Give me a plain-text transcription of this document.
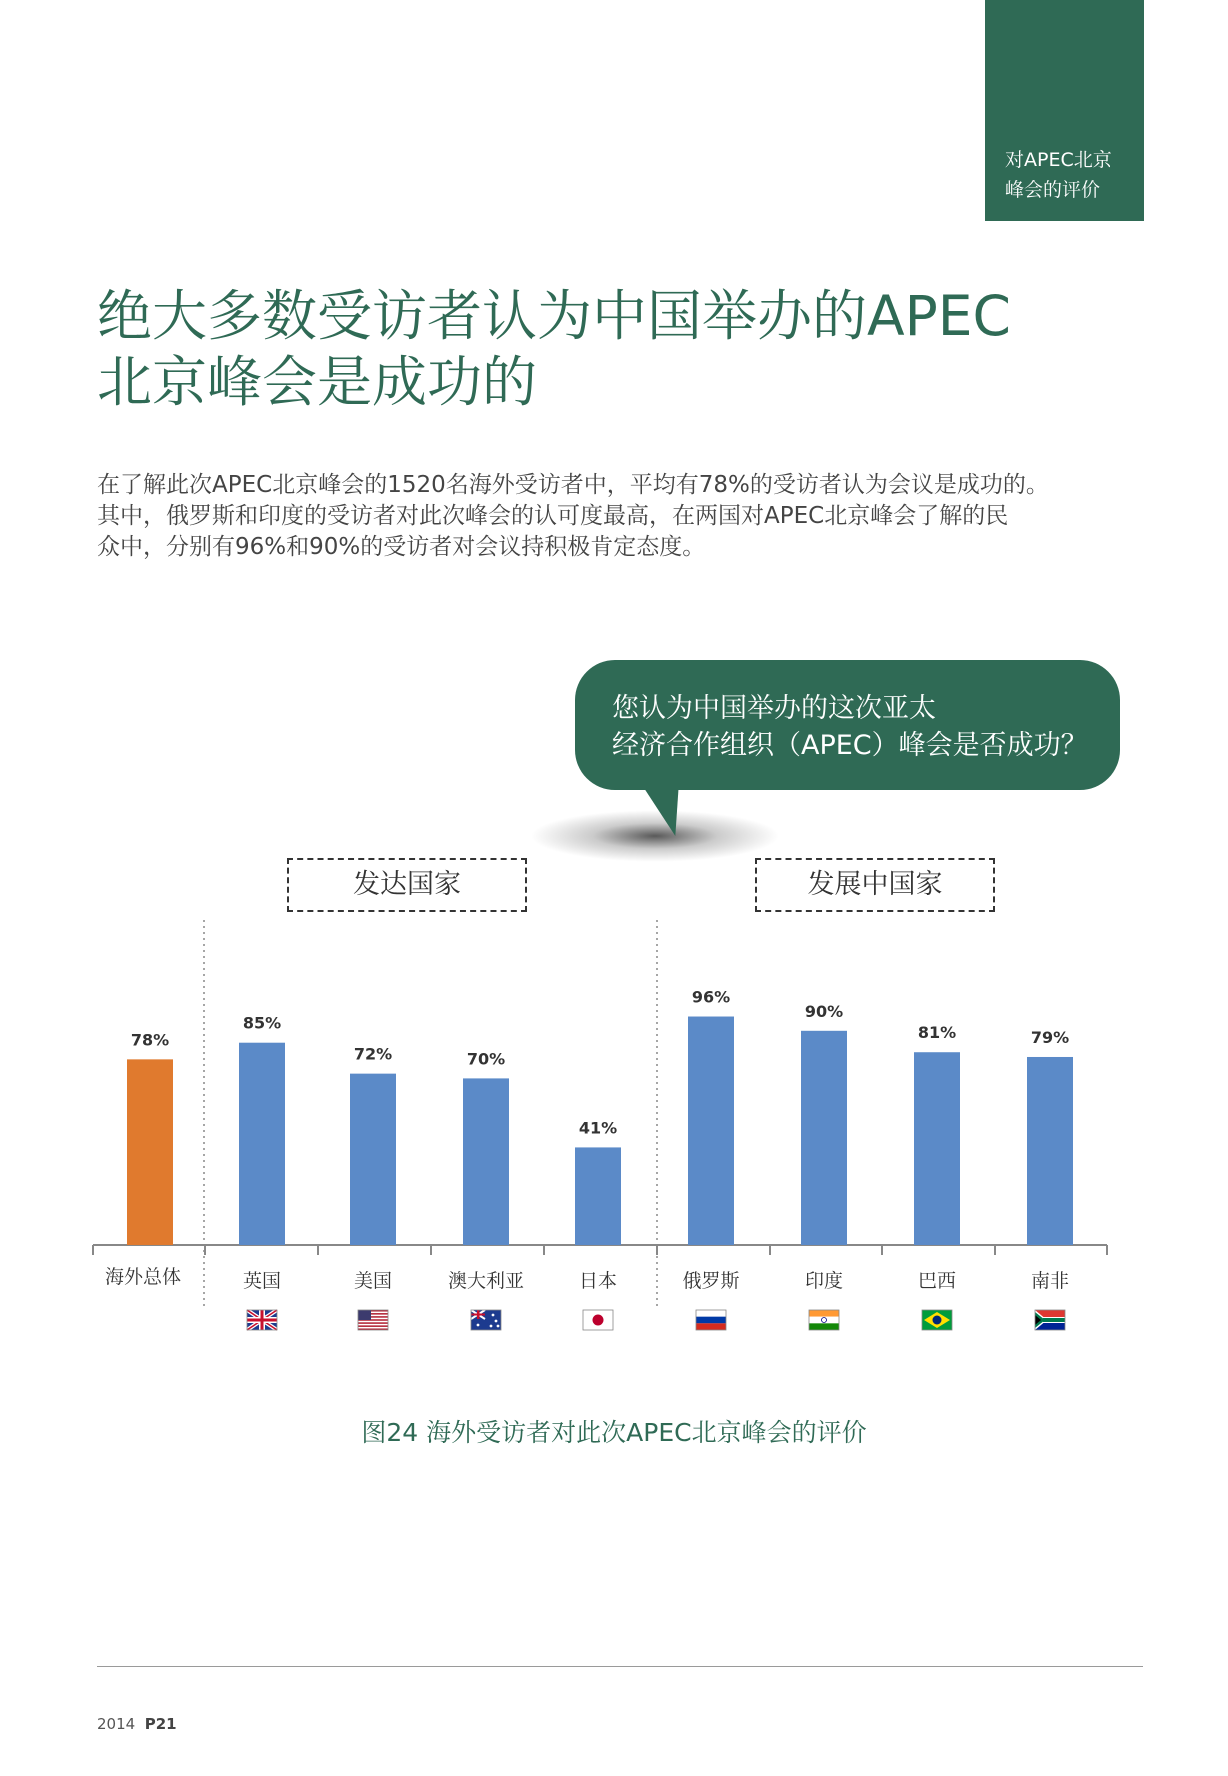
对APEC北京
峰会的评价
绝大多数受访者认为中国举办的APEC
北京峰会是成功的
在了解此次APEC北京峰会的1520名海外受访者中，平均有78%的受访者认为会议是成功的。
其中，俄罗斯和印度的受访者对此次峰会的认可度最高，在两国对APEC北京峰会了解的民
众中，分别有96%和90%的受访者对会议持积极肯定态度。
您认为中国举办的这次亚太
经济合作组织（APEC）峰会是否成功？
发达国家	发展中国家
78%
海外总体
85%
英国
72%
美国
70%
澳大利亚
41%
日本
96%
俄罗斯
90%
印度
81%
巴西
79%
南非
图24 海外受访者对此次APEC北京峰会的评价
2014 P21
